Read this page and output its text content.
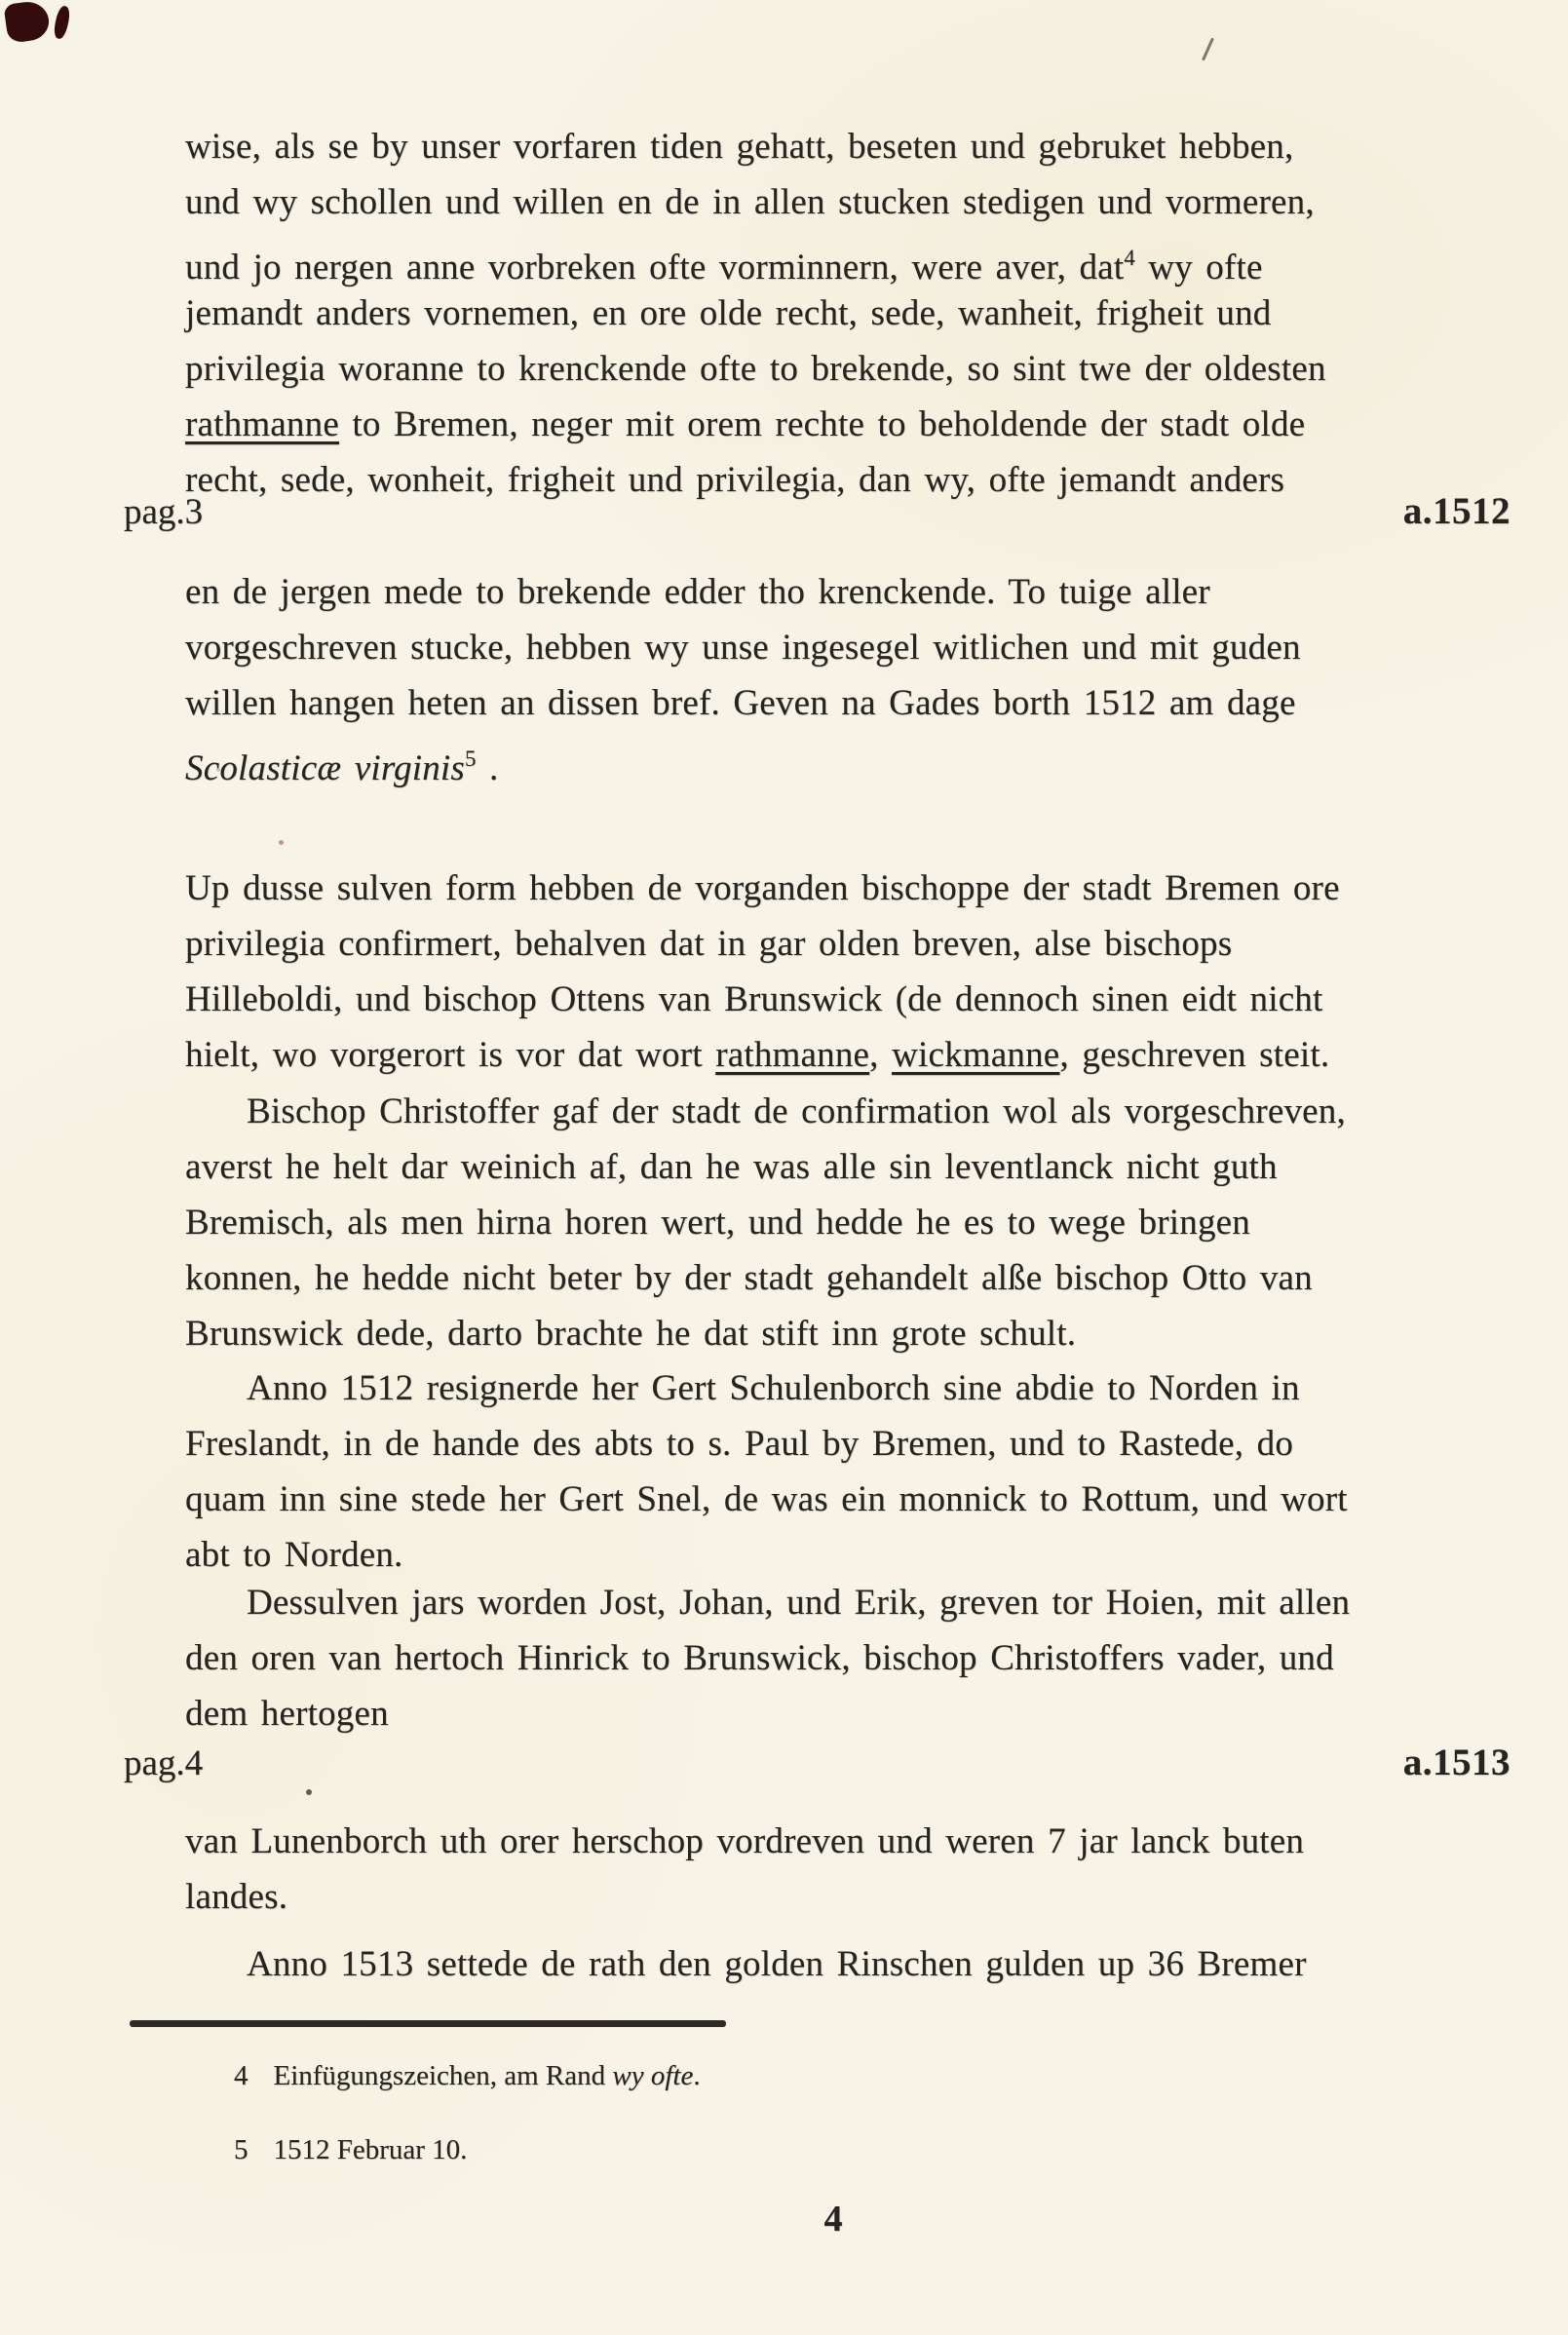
wise, als se by unser vorfaren tiden gehatt, beseten und gebruket hebben,
und wy schollen und willen en de in allen stucken stedigen und vormeren,
und jo nergen anne vorbreken ofte vorminnern, were aver, dat$^4$ wy ofte
jemandt anders vornemen, en ore olde recht, sede, wanheit, frigheit und
privilegia woranne to krenckende ofte to brekende, so sint twe der oldesten
rathmanne to Bremen, neger mit orem rechte to beholdende der stadt olde
recht, sede, wonheit, frigheit und privilegia, dan wy, ofte jemandt anders
pag.3	a.1512
en de jergen mede to brekende edder tho krenckende. To tuige aller
vorgeschreven stucke, hebben wy unse ingesegel witlichen und mit guden
willen hangen heten an dissen bref. Geven na Gades borth 1512 am dage
Scolasticæ virginis$^5$ .
Up dusse sulven form hebben de vorganden bischoppe der stadt Bremen ore
privilegia confirmert, behalven dat in gar olden breven, alse bischops
Hilleboldi, und bischop Ottens van Brunswick (de dennoch sinen eidt nicht
hielt, wo vorgerort is vor dat wort rathmanne, wickmanne, geschreven steit.
Bischop Christoffer gaf der stadt de confirmation wol als vorgeschreven,
averst he helt dar weinich af, dan he was alle sin leventlanck nicht guth
Bremisch, als men hirna horen wert, und hedde he es to wege bringen
konnen, he hedde nicht beter by der stadt gehandelt alße bischop Otto van
Brunswick dede, darto brachte he dat stift inn grote schult.
Anno 1512 resignerde her Gert Schulenborch sine abdie to Norden in
Freslandt, in de hande des abts to s. Paul by Bremen, und to Rastede, do
quam inn sine stede her Gert Snel, de was ein monnick to Rottum, und wort
abt to Norden.
Dessulven jars worden Jost, Johan, und Erik, greven tor Hoien, mit allen
den oren van hertoch Hinrick to Brunswick, bischop Christoffers vader, und
dem hertogen
pag.4	a.1513
van Lunenborch uth orer herschop vordreven und weren 7 jar lanck buten
landes.
Anno 1513 settede de rath den golden Rinschen gulden up 36 Bremer
4 Einfügungszeichen, am Rand wy ofte.
5 1512 Februar 10.
4
